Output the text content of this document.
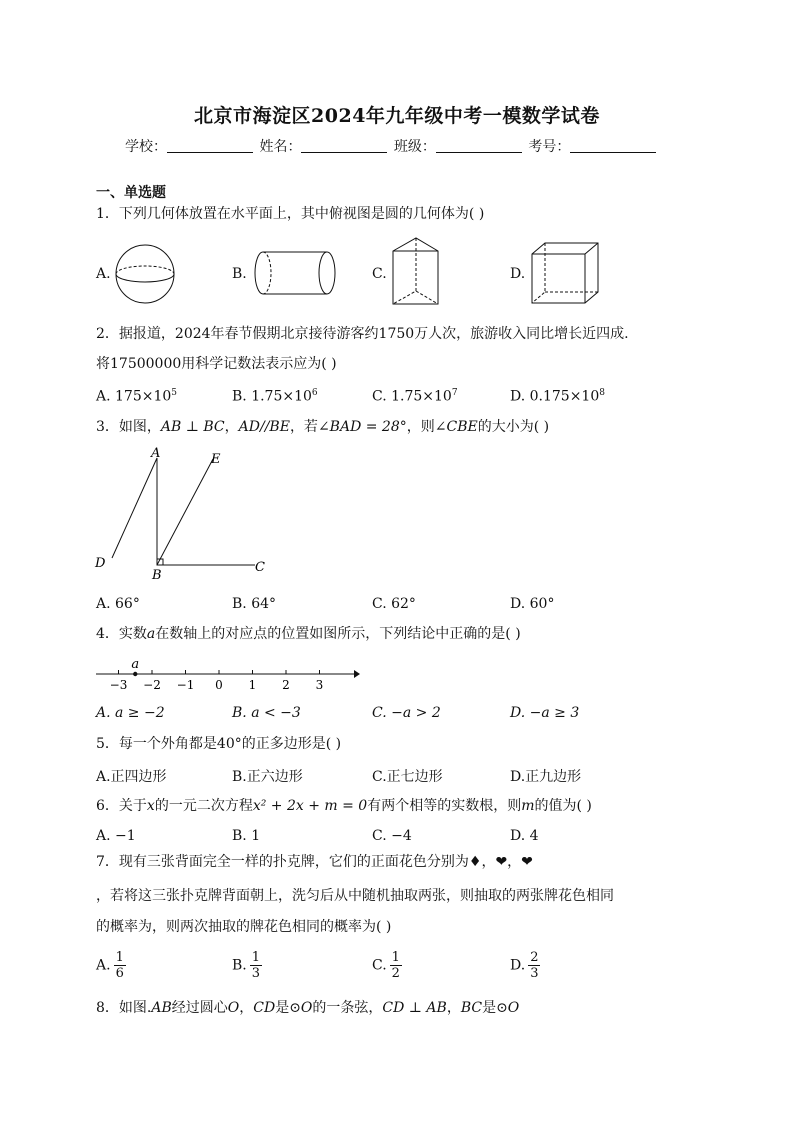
北京市海淀区2024年九年级中考一模数学试卷
学校：	姓名：	班级：	考号：
一、单选题
1．下列几何体放置在水平面上，其中俯视图是圆的几何体为( )
A.	B.	C.	D.
2．据报道，2024年春节假期北京接待游客约1750万人次，旅游收入同比增长近四成.
将17500000用科学记数法表示应为( )
A. $175\times 10^5$	B. $1.75\times 10^6$	C. $1.75\times 10^7$	D. $0.175\times 10^8$
3．如图，AB ⊥ BC，AD//BE，若∠BAD = 28°，则∠CBE的大小为( )
A
B
C
D
E
A. 66°	B. 64°	C. 62°	D. 60°
4．实数a在数轴上的对应点的位置如图所示，下列结论中正确的是( )
−3 −2 −1 0 1 2 3
a
A. a ≥ −2	B. a < −3	C. −a > 2	D. −a ≥ 3
5．每一个外角都是40°的正多边形是( )
A.正四边形	B.正六边形	C.正七边形	D.正九边形
6．关于x的一元二次方程x² + 2x + m = 0有两个相等的实数根，则m的值为( )
A. −1	B. 1	C. −4	D. 4
7．现有三张背面完全一样的扑克牌，它们的正面花色分别为♦，❤，❤
，若将这三张扑克牌背面朝上，洗匀后从中随机抽取两张，则抽取的两张牌花色相同
的概率为，则两次抽取的牌花色相同的概率为( )
A. $\frac{1}{6}$	B. $\frac{1}{3}$	C. $\frac{1}{2}$	D. $\frac{2}{3}$
8．如图.AB经过圆心O，CD是⊙O的一条弦，CD ⊥ AB，BC是⊙O
